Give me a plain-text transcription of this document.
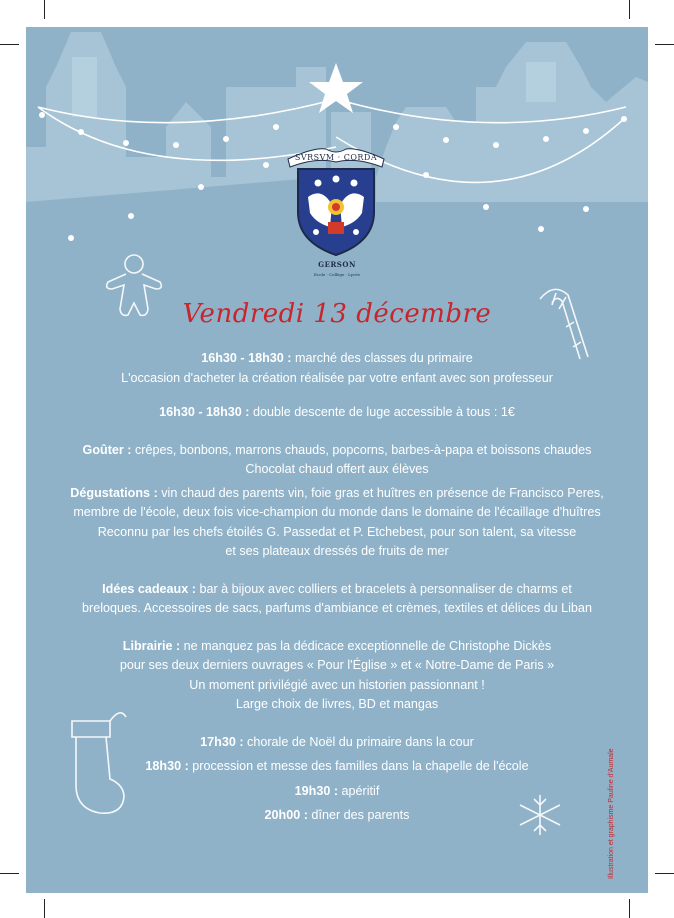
SVRSVM · CORDA
GERSON
Ecole · Collège · Lycée
Vendredi 13 décembre
16h30 - 18h30 : marché des classes du primaire
L'occasion d'acheter la création réalisée par votre enfant avec son professeur
16h30 - 18h30 : double descente de luge accessible à tous : 1€
Goûter : crêpes, bonbons, marrons chauds, popcorns, barbes-à-papa et boissons chaudes
Chocolat chaud offert aux élèves
Dégustations : vin chaud des parents vin, foie gras et huîtres en présence de Francisco Peres,
membre de l'école, deux fois vice-champion du monde dans le domaine de l'écaillage d'huîtres
Reconnu par les chefs étoilés G. Passedat et P. Etchebest, pour son talent, sa vitesse
et ses plateaux dressés de fruits de mer
Idées cadeaux : bar à bijoux avec colliers et bracelets à personnaliser de charms et
breloques. Accessoires de sacs, parfums d'ambiance et crèmes, textiles et délices du Liban
Librairie : ne manquez pas la dédicace exceptionnelle de Christophe Dickès
pour ses deux derniers ouvrages « Pour l'Église » et « Notre-Dame de Paris »
Un moment privilégié avec un historien passionnant !
Large choix de livres, BD et mangas
17h30 : chorale de Noël du primaire dans la cour
18h30 : procession et messe des familles dans la chapelle de l'école
19h30 : apéritif
20h00 : dîner des parents	Illustration et graphisme Pauline d'Aumale
